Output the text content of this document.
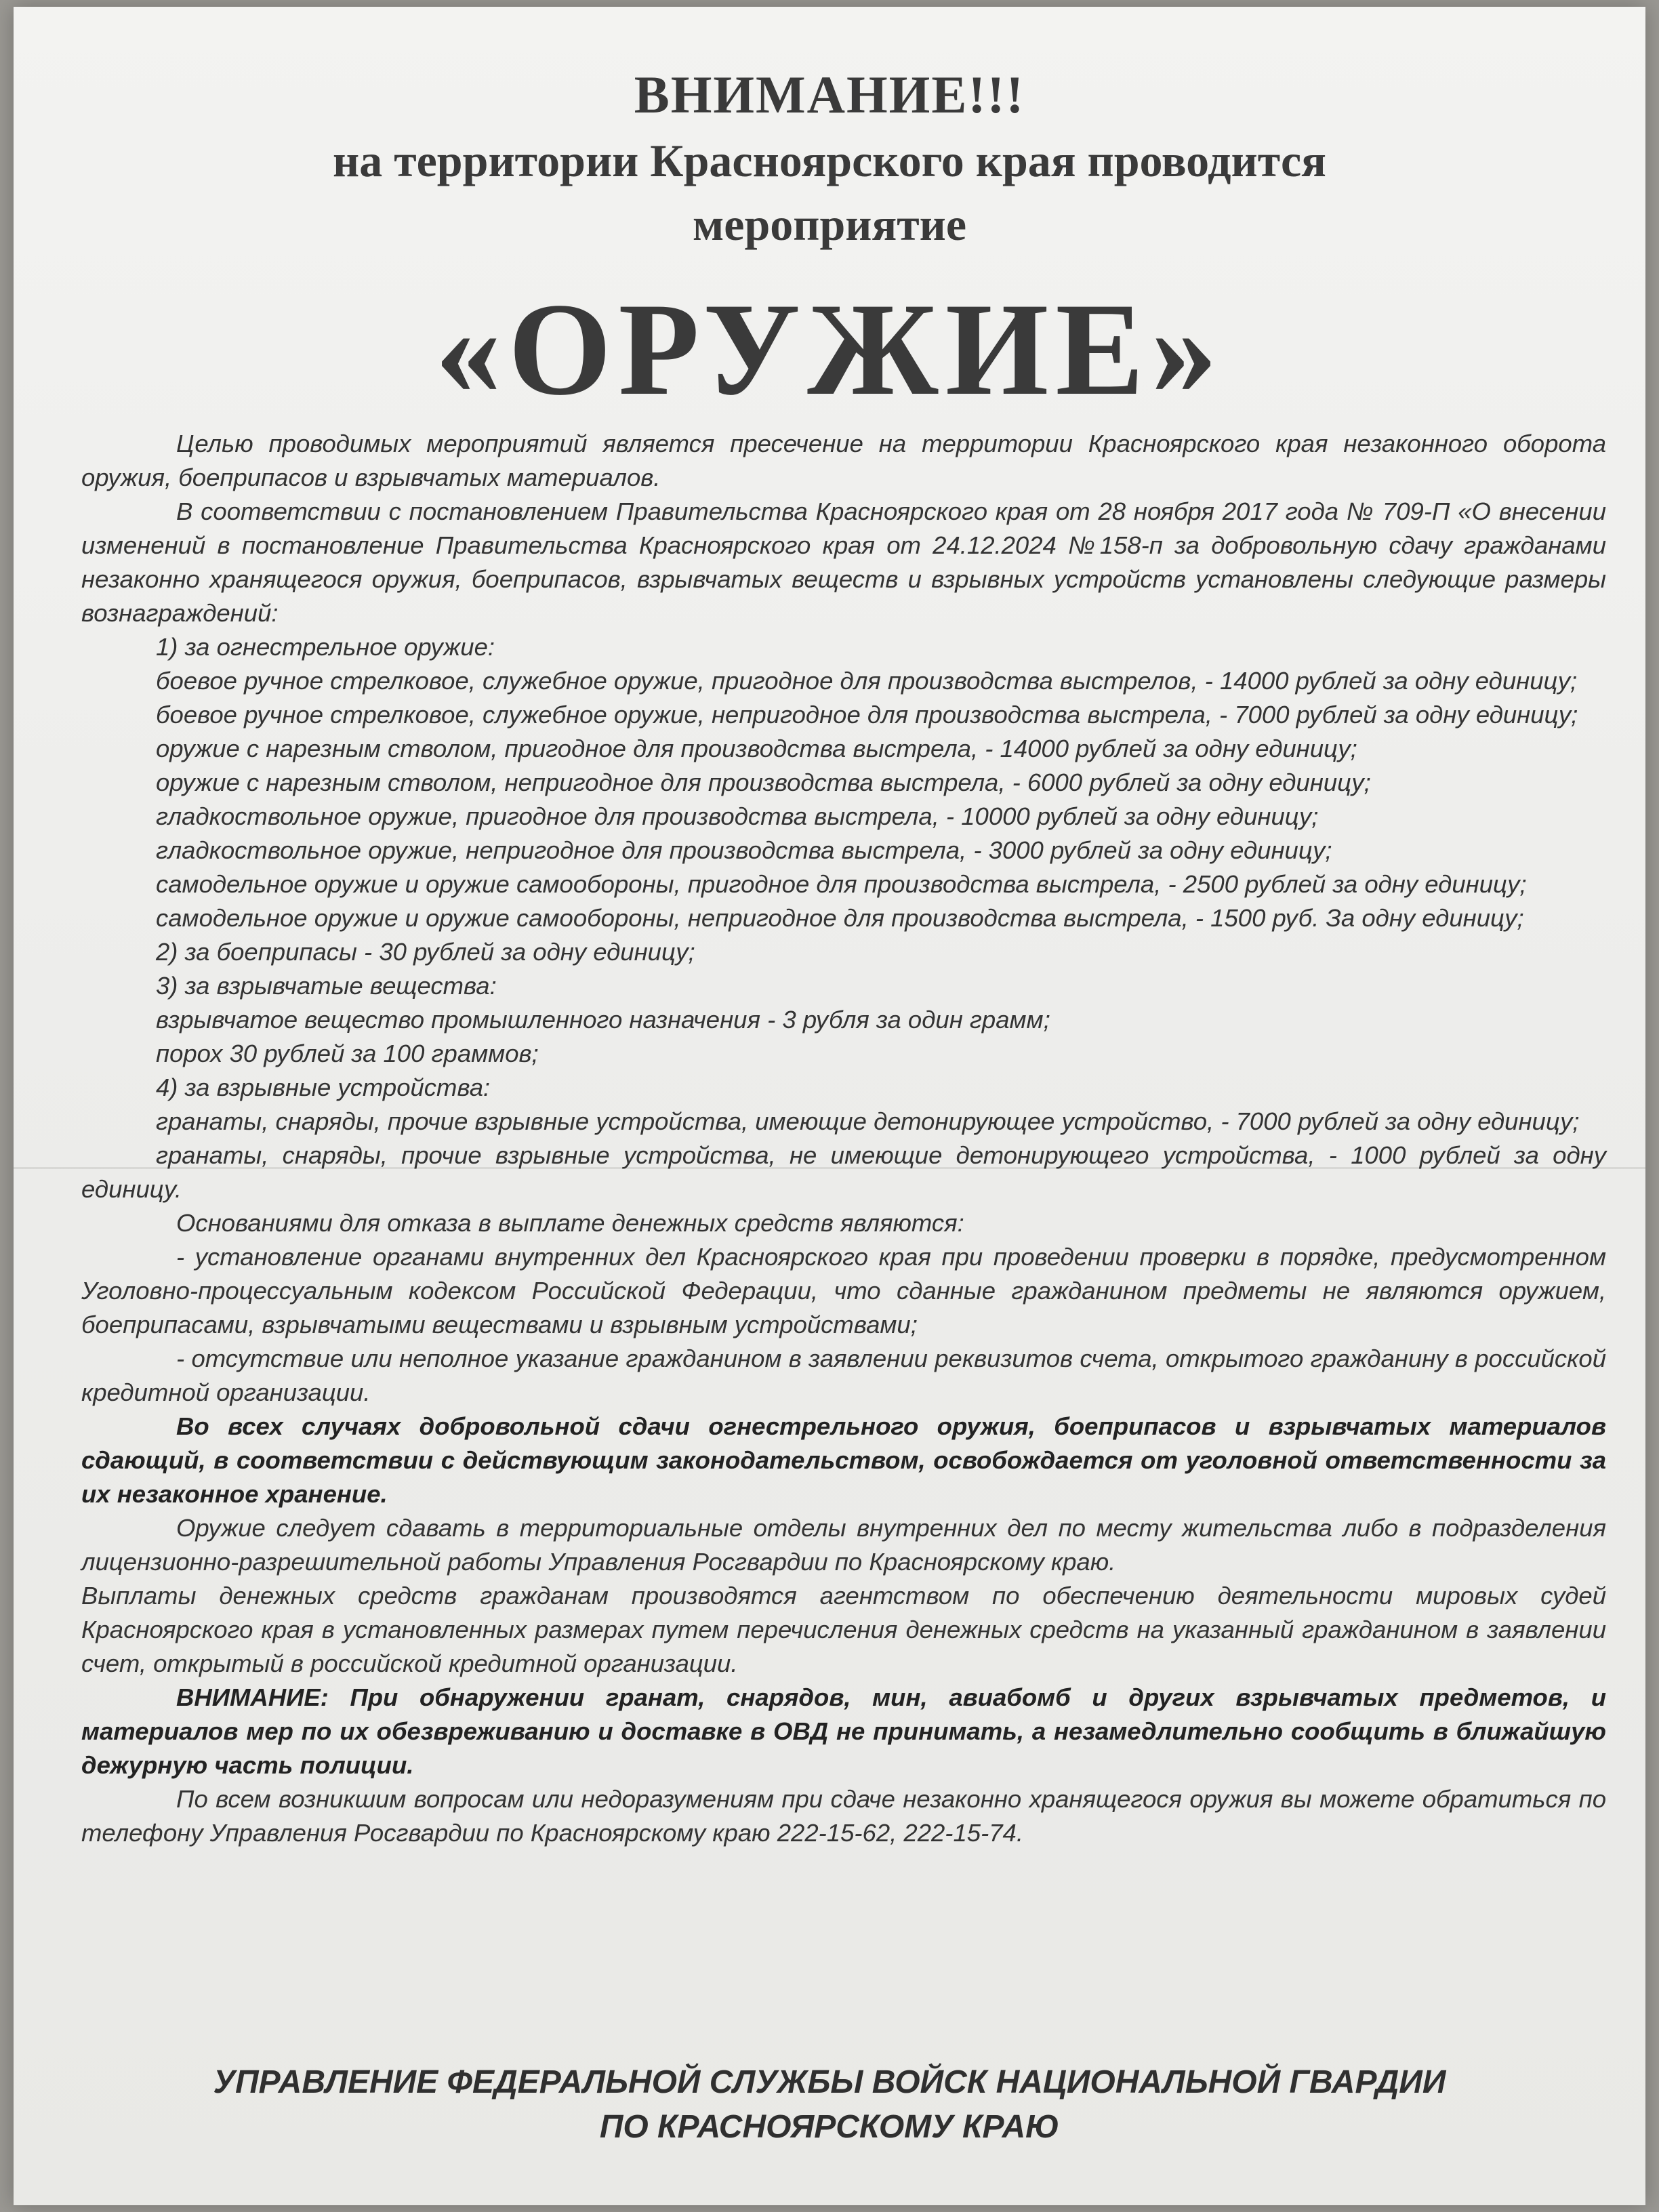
ВНИМАНИЕ!!!
на территории Красноярского края проводится
мероприятие
«ОРУЖИЕ»

Целью проводимых мероприятий является пресечение на территории Красноярского края незаконного оборота оружия, боеприпасов и взрывчатых материалов.

В соответствии с постановлением Правительства Красноярского края от 28 ноября 2017 года № 709-П «О внесении изменений в постановление Правительства Красноярского края от 24.12.2024 №158-п за добровольную сдачу гражданами незаконно хранящегося оружия, боеприпасов, взрывчатых веществ и взрывных устройств установлены следующие размеры вознаграждений:

1) за огнестрельное оружие:

боевое ручное стрелковое, служебное оружие, пригодное для производства выстрелов, - 14000 рублей за одну единицу;

боевое ручное стрелковое, служебное оружие, непригодное для производства выстрела, - 7000 рублей за одну единицу;

оружие с нарезным стволом, пригодное для производства выстрела, - 14000 рублей за одну единицу;

оружие с нарезным стволом, непригодное для производства выстрела, - 6000 рублей за одну единицу;

гладкоствольное оружие, пригодное для производства выстрела, - 10000 рублей за одну единицу;

гладкоствольное оружие, непригодное для производства выстрела, - 3000 рублей за одну единицу;

самодельное оружие и оружие самообороны, пригодное для производства выстрела, - 2500 рублей за одну единицу;

самодельное оружие и оружие самообороны, непригодное для производства выстрела, - 1500 руб. За одну единицу;

2) за боеприпасы - 30 рублей за одну единицу;

3) за взрывчатые вещества:

взрывчатое вещество промышленного назначения - 3 рубля за один грамм;

порох 30 рублей за 100 граммов;

4) за взрывные устройства:

гранаты, снаряды, прочие взрывные устройства, имеющие детонирующее устройство, - 7000 рублей за одну единицу;

гранаты, снаряды, прочие взрывные устройства, не имеющие детонирующего устройства, - 1000 рублей за одну единицу.

Основаниями для отказа в выплате денежных средств являются:

- установление органами внутренних дел Красноярского края при проведении проверки в порядке, предусмотренном Уголовно-процессуальным кодексом Российской Федерации, что сданные гражданином предметы не являются оружием, боеприпасами, взрывчатыми веществами и взрывным устройствами;

- отсутствие или неполное указание гражданином в заявлении реквизитов счета, открытого гражданину в российской кредитной организации.

Во всех случаях добровольной сдачи огнестрельного оружия, боеприпасов и взрывчатых материалов сдающий, в соответствии с действующим законодательством, освобождается от уголовной ответственности за их незаконное хранение.

Оружие следует сдавать в территориальные отделы внутренних дел по месту жительства либо в подразделения лицензионно-разрешительной работы Управления Росгвардии по Красноярскому краю.

Выплаты денежных средств гражданам производятся агентством по обеспечению деятельности мировых судей Красноярского края в установленных размерах путем перечисления денежных средств на указанный гражданином в заявлении счет, открытый в российской кредитной организации.

ВНИМАНИЕ: При обнаружении гранат, снарядов, мин, авиабомб и других взрывчатых предметов, и материалов мер по их обезвреживанию и доставке в ОВД не принимать, а незамедлительно сообщить в ближайшую дежурную часть полиции.

По всем возникшим вопросам или недоразумениям при сдаче незаконно хранящегося оружия вы можете обратиться по телефону Управления Росгвардии по Красноярскому краю 222-15-62, 222-15-74.

УПРАВЛЕНИЕ ФЕДЕРАЛЬНОЙ СЛУЖБЫ ВОЙСК НАЦИОНАЛЬНОЙ ГВАРДИИ
ПО КРАСНОЯРСКОМУ КРАЮ
